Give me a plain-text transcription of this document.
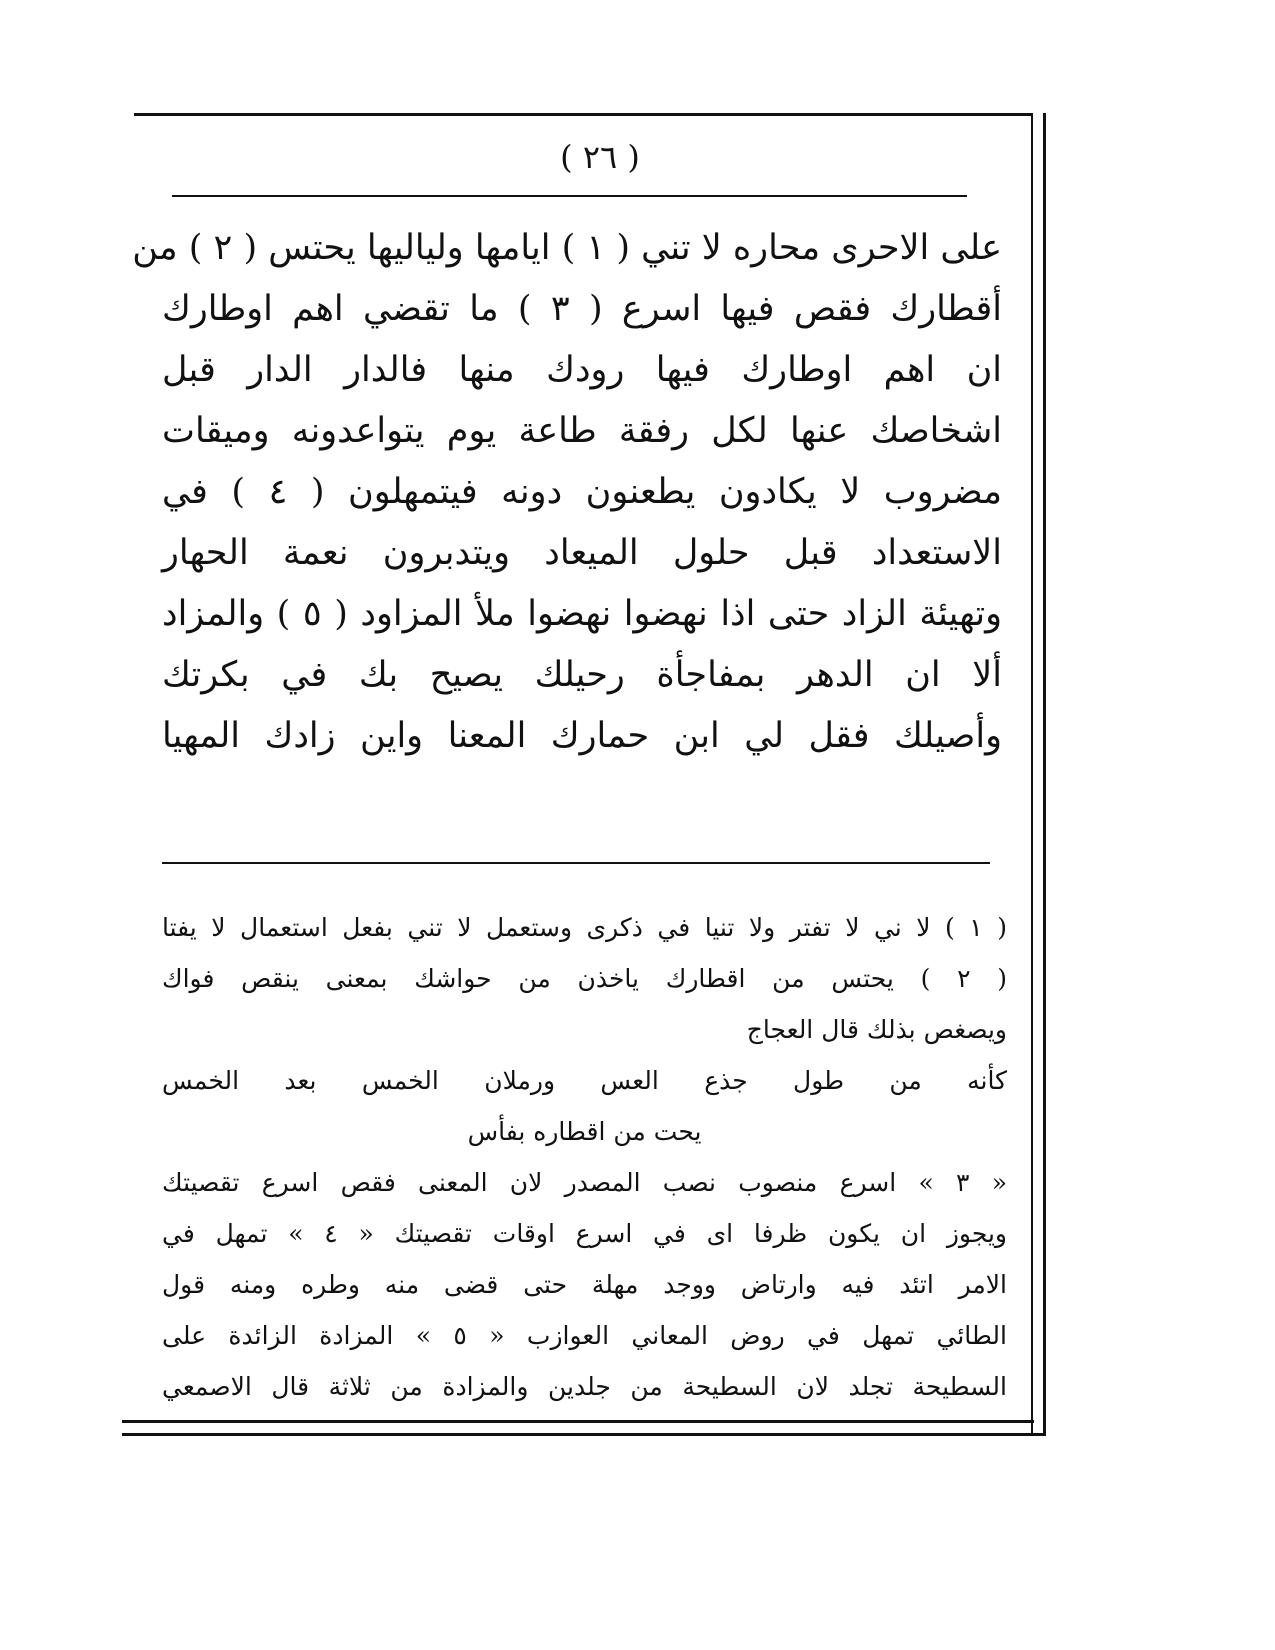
( ٢٦ )
على الاحرى محاره لا تني ( ١ ) ايامها ولياليها يحتس ( ٢ ) من
أقطارك فقص فيها اسرع ( ٣ ) ما تقضي اهم اوطارك
ان اهم اوطارك فيها رودك منها فالدار الدار قبل
اشخاصك عنها لكل رفقة طاعة يوم يتواعدونه وميقات
مضروب لا يكادون يطعنون دونه فيتمهلون ( ٤ ) في
الاستعداد قبل حلول الميعاد ويتدبرون نعمة الحهار
وتهيئة الزاد حتى اذا نهضوا نهضوا ملأ المزاود ( ٥ ) والمزاد
ألا ان الدهر بمفاجأة رحيلك يصيح بك في بكرتك
وأصيلك فقل لي ابن حمارك المعنا واين زادك المهيا
( ١ ) لا ني لا تفتر ولا تنيا في ذكرى وستعمل لا تني بفعل استعمال لا يفتا
( ٢ ) يحتس من اقطارك ياخذن من حواشك بمعنى ينقص فواك
ويصغص بذلك قال العجاج
كأنه من طول جذع العس ورملان الخمس بعد الخمس
يحت من اقطاره بفأس
« ٣ » اسرع منصوب نصب المصدر لان المعنى فقص اسرع تقصيتك
ويجوز ان يكون ظرفا اى في اسرع اوقات تقصيتك « ٤ » تمهل في
الامر اتئد فيه وارتاض ووجد مهلة حتى قضى منه وطره ومنه قول
الطائي تمهل في روض المعاني العوازب « ٥ » المزادة الزائدة على
السطيحة تجلد لان السطيحة من جلدين والمزادة من ثلاثة قال الاصمعي
